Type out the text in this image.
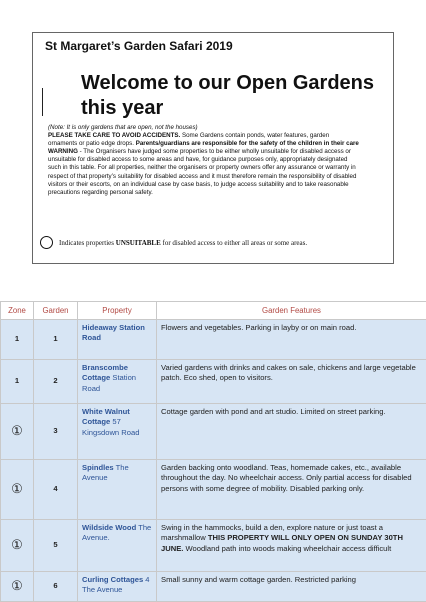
St Margaret’s Garden Safari 2019
Welcome to our Open Gardens this year
(Note: It is only gardens that are open, not the houses)
PLEASE TAKE CARE TO AVOID ACCIDENTS. Some Gardens contain ponds, water features, garden ornaments or patio edge drops. Parents/guardians are responsible for the safety of the children in their care
WARNING - The Organisers have judged some properties to be either wholly unsuitable for disabled access or unsuitable for disabled access to some areas and have, for guidance purposes only, appropriately designated such in this table. For all properties, neither the organisers or property owners offer any assurance or warranty in respect of that property’s suitability for disabled access and it must therefore remain the responsibility of disabled visitors or their escorts, on an individual case by case basis, to judge access suitability and to take reasonable precautions regarding personal safety.
Indicates properties UNSUITABLE for disabled access to either all areas or some areas.
Zone	Garden	Property	Garden Features
1	1	Hideaway Station Road	Flowers and vegetables. Parking in layby or on main road.
1	2	Branscombe Cottage Station Road	Varied gardens with drinks and cakes on sale, chickens and large vegetable patch. Eco shed, open to visitors.
①	3	White Walnut Cottage 57 Kingsdown Road	Cottage garden with pond and art studio. Limited on street parking.
①	4	Spindles The Avenue	Garden backing onto woodland. Teas, homemade cakes, etc., available throughout the day. No wheelchair access. Only partial access for disabled persons with some degree of mobility. Disabled parking only.
①	5	Wildside Wood The Avenue.	Swing in the hammocks, build a den, explore nature or just toast a marshmallow THIS PROPERTY WILL ONLY OPEN ON SUNDAY 30TH JUNE. Woodland path into woods making wheelchair access difficult
①	6	Curling Cottages 4 The Avenue	Small sunny and warm cottage garden. Restricted parking
